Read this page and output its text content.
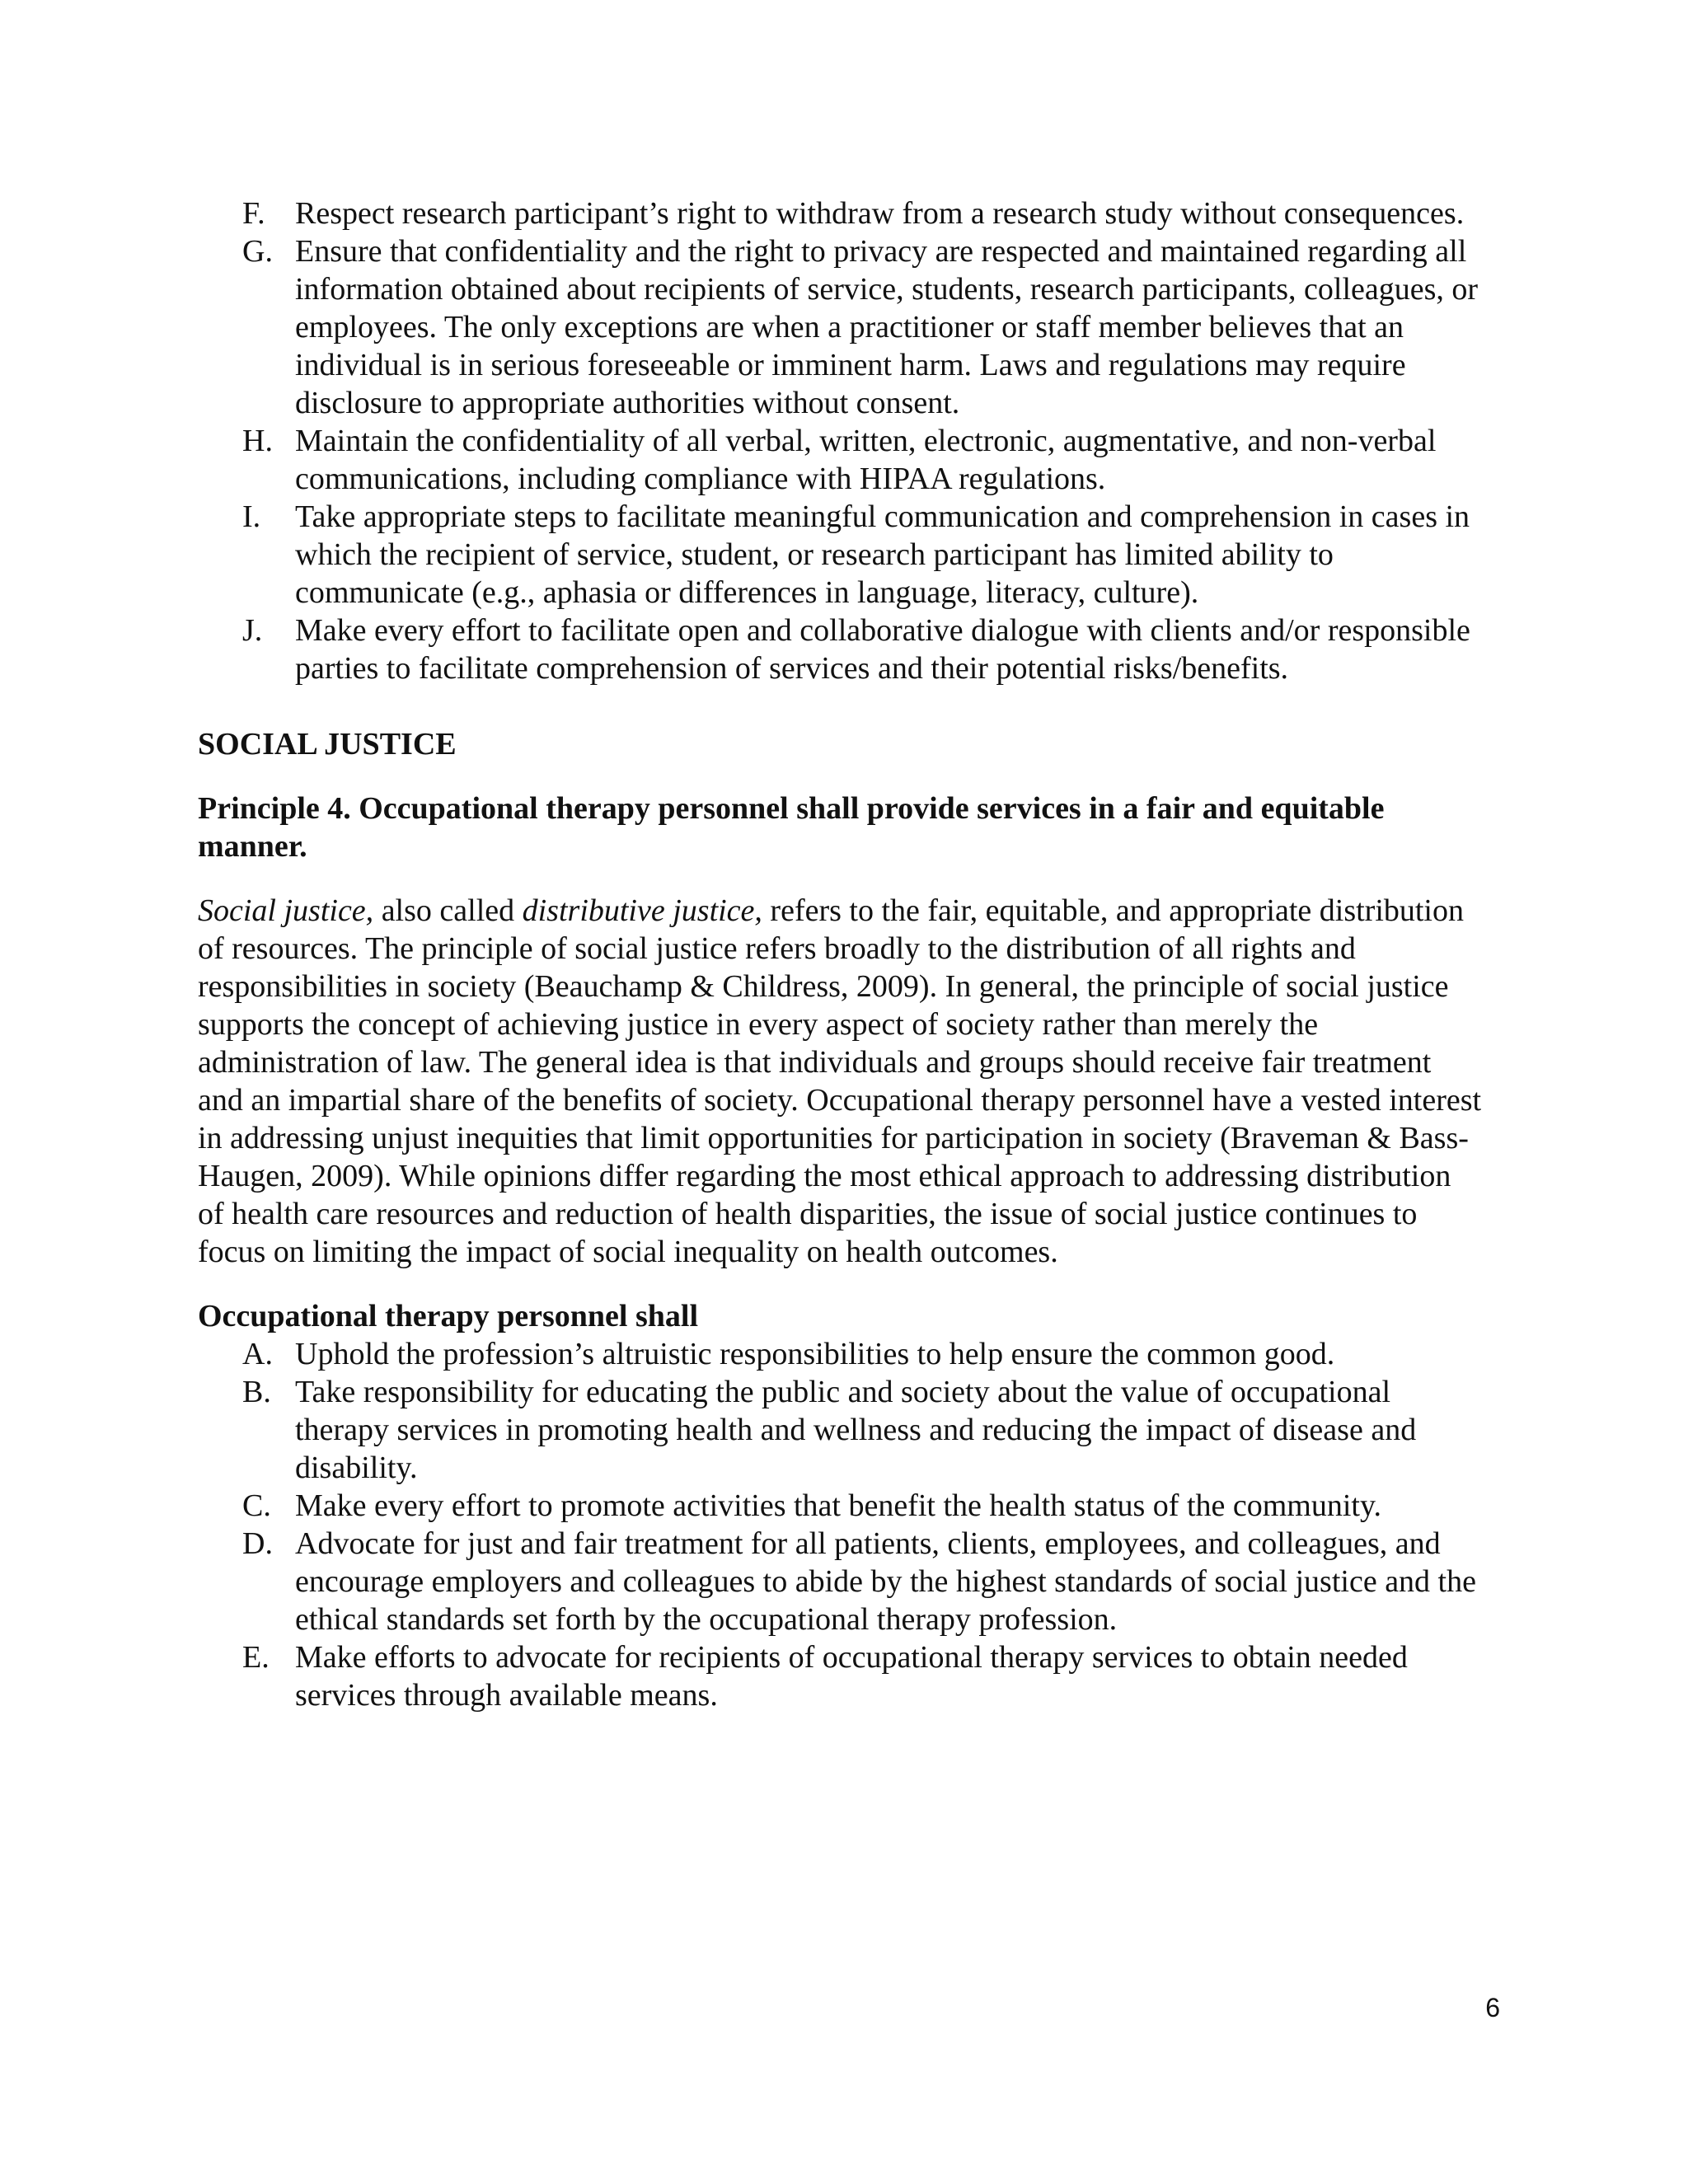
F. Respect research participant’s right to withdraw from a research study without consequences.
G. Ensure that confidentiality and the right to privacy are respected and maintained regarding all information obtained about recipients of service, students, research participants, colleagues, or employees. The only exceptions are when a practitioner or staff member believes that an individual is in serious foreseeable or imminent harm. Laws and regulations may require disclosure to appropriate authorities without consent.
H. Maintain the confidentiality of all verbal, written, electronic, augmentative, and non-verbal communications, including compliance with HIPAA regulations.
I.	Take appropriate steps to facilitate meaningful communication and comprehension in cases in which the recipient of service, student, or research participant has limited ability to communicate (e.g., aphasia or differences in language, literacy, culture).
J.	Make every effort to facilitate open and collaborative dialogue with clients and/or responsible parties to facilitate comprehension of services and their potential risks/benefits.
SOCIAL JUSTICE
Principle 4. Occupational therapy personnel shall provide services in a fair and equitable manner.
Social justice, also called distributive justice, refers to the fair, equitable, and appropriate distribution of resources. The principle of social justice refers broadly to the distribution of all rights and responsibilities in society (Beauchamp & Childress, 2009). In general, the principle of social justice supports the concept of achieving justice in every aspect of society rather than merely the administration of law. The general idea is that individuals and groups should receive fair treatment and an impartial share of the benefits of society. Occupational therapy personnel have a vested interest in addressing unjust inequities that limit opportunities for participation in society (Braveman & Bass-Haugen, 2009). While opinions differ regarding the most ethical approach to addressing distribution of health care resources and reduction of health disparities, the issue of social justice continues to focus on limiting the impact of social inequality on health outcomes.
Occupational therapy personnel shall
A. Uphold the profession’s altruistic responsibilities to help ensure the common good.
B. Take responsibility for educating the public and society about the value of occupational therapy services in promoting health and wellness and reducing the impact of disease and disability.
C. Make every effort to promote activities that benefit the health status of the community.
D. Advocate for just and fair treatment for all patients, clients, employees, and colleagues, and encourage employers and colleagues to abide by the highest standards of social justice and the ethical standards set forth by the occupational therapy profession.
E. Make efforts to advocate for recipients of occupational therapy services to obtain needed services through available means.
6
